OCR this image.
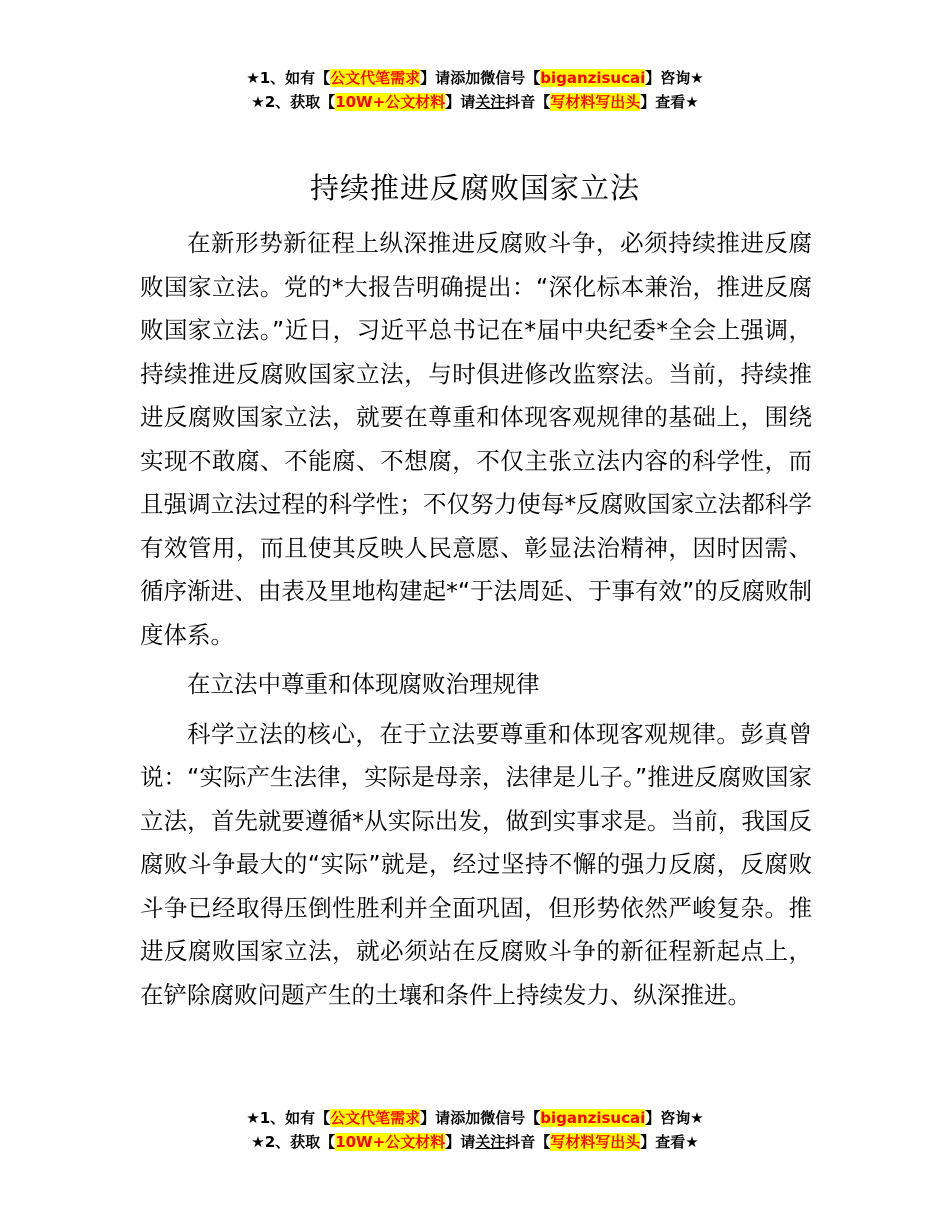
★1、如有【公文代笔需求】请添加微信号【biganzisucai】咨询★
★2、获取【10W+公文材料】请关注抖音【写材料写出头】查看★
持续推进反腐败国家立法

在新形势新征程上纵深推进反腐败斗争，必须持续推进反腐败国家立法。党的*大报告明确提出：“深化标本兼治，推进反腐败国家立法。”近日，习近平总书记在*届中央纪委*全会上强调，持续推进反腐败国家立法，与时俱进修改监察法。当前，持续推进反腐败国家立法，就要在尊重和体现客观规律的基础上，围绕实现不敢腐、不能腐、不想腐，不仅主张立法内容的科学性，而且强调立法过程的科学性；不仅努力使每*反腐败国家立法都科学有效管用，而且使其反映人民意愿、彰显法治精神，因时因需、循序渐进、由表及里地构建起*“于法周延、于事有效”的反腐败制度体系。

在立法中尊重和体现腐败治理规律

科学立法的核心，在于立法要尊重和体现客观规律。彭真曾说：“实际产生法律，实际是母亲，法律是儿子。”推进反腐败国家立法，首先就要遵循*从实际出发，做到实事求是。当前，我国反腐败斗争最大的“实际”就是，经过坚持不懈的强力反腐，反腐败斗争已经取得压倒性胜利并全面巩固，但形势依然严峻复杂。推进反腐败国家立法，就必须站在反腐败斗争的新征程新起点上，在铲除腐败问题产生的土壤和条件上持续发力、纵深推进。

★1、如有【公文代笔需求】请添加微信号【biganzisucai】咨询★
★2、获取【10W+公文材料】请关注抖音【写材料写出头】查看★
